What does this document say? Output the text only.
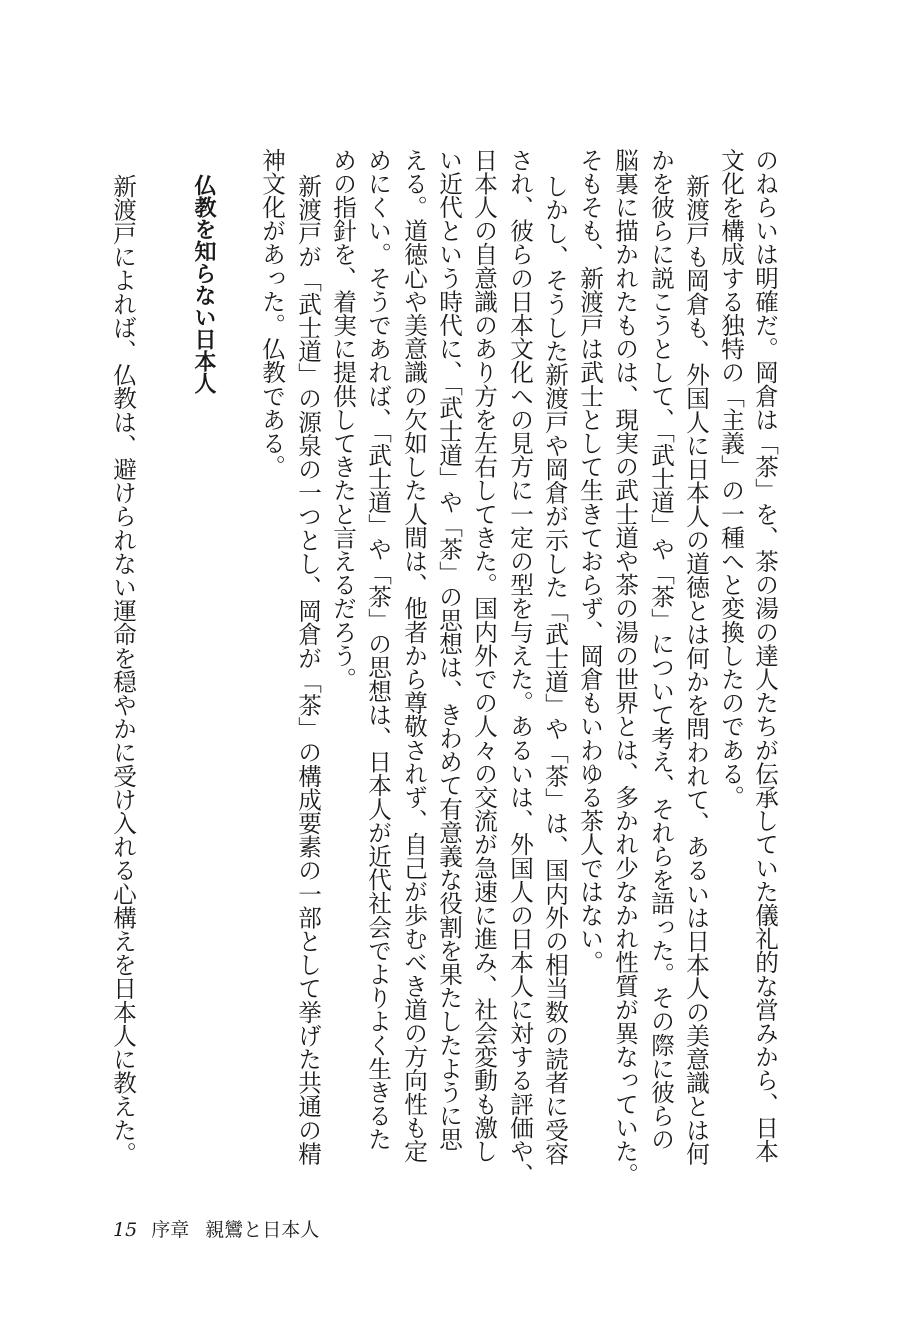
のねらいは明確だ。岡倉は「茶」を、茶の湯の達人たちが伝承していた儀礼的な営みから、日本
文化を構成する独特の「主義」の一種へと変換したのである。
新渡戸も岡倉も、外国人に日本人の道徳とは何かを問われて、あるいは日本人の美意識とは何
かを彼らに説こうとして、「武士道」や「茶」について考え、それらを語った。その際に彼らの
脳裏に描かれたものは、現実の武士道や茶の湯の世界とは、多かれ少なかれ性質が異なっていた。
そもそも、新渡戸は武士として生きておらず、岡倉もいわゆる茶人ではない。
しかし、そうした新渡戸や岡倉が示した「武士道」や「茶」は、国内外の相当数の読者に受容
され、彼らの日本文化への見方に一定の型を与えた。あるいは、外国人の日本人に対する評価や、
日本人の自意識のあり方を左右してきた。国内外での人々の交流が急速に進み、社会変動も激し
い近代という時代に、「武士道」や「茶」の思想は、きわめて有意義な役割を果たしたように思
える。道徳心や美意識の欠如した人間は、他者から尊敬されず、自己が歩むべき道の方向性も定
めにくい。そうであれば、「武士道」や「茶」の思想は、日本人が近代社会でよりよく生きるた
めの指針を、着実に提供してきたと言えるだろう。
新渡戸が「武士道」の源泉の一つとし、岡倉が「茶」の構成要素の一部として挙げた共通の精
神文化があった。仏教である。
仏教を知らない日本人
新渡戸によれば、仏教は、避けられない運命を穏やかに受け入れる心構えを日本人に教えた。
15 序章 親鸞と日本人
